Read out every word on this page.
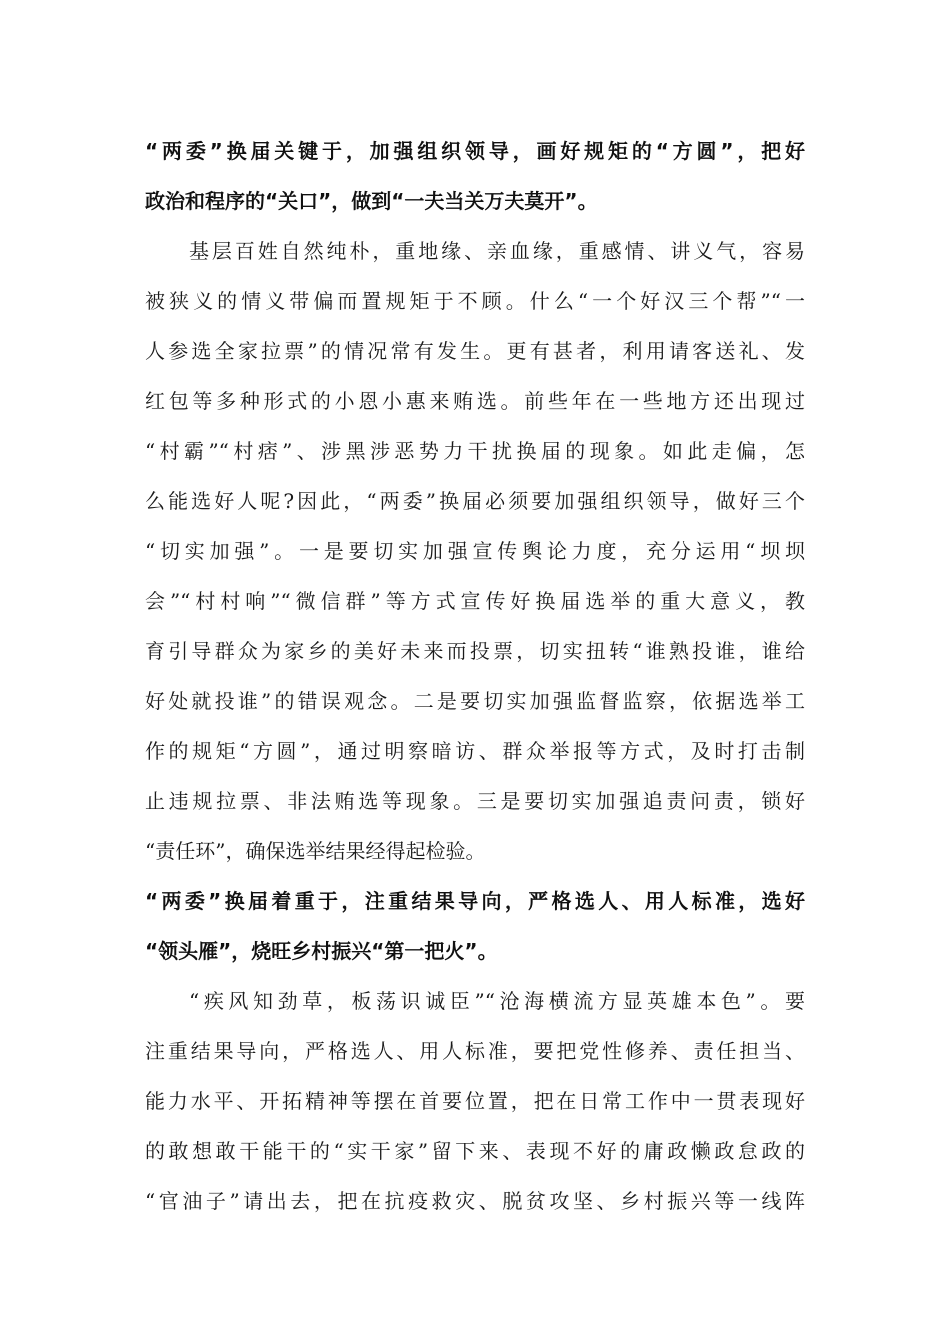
“两委”换届关键于，加强组织领导，画好规矩的“方圆”，把好
政治和程序的“关口”，做到“一夫当关万夫莫开”。
基层百姓自然纯朴，重地缘、亲血缘，重感情、讲义气，容易
被狭义的情义带偏而置规矩于不顾。什么“一个好汉三个帮”“一
人参选全家拉票”的情况常有发生。更有甚者，利用请客送礼、发
红包等多种形式的小恩小惠来贿选。前些年在一些地方还出现过
“村霸”“村痞”、涉黑涉恶势力干扰换届的现象。如此走偏，怎
么能选好人呢?因此，“两委”换届必须要加强组织领导，做好三个
“切实加强”。一是要切实加强宣传舆论力度，充分运用“坝坝
会”“村村响”“微信群”等方式宣传好换届选举的重大意义，教
育引导群众为家乡的美好未来而投票，切实扭转“谁熟投谁，谁给
好处就投谁”的错误观念。二是要切实加强监督监察，依据选举工
作的规矩“方圆”，通过明察暗访、群众举报等方式，及时打击制
止违规拉票、非法贿选等现象。三是要切实加强追责问责，锁好
“责任环”，确保选举结果经得起检验。
“两委”换届着重于，注重结果导向，严格选人、用人标准，选好
“领头雁”，烧旺乡村振兴“第一把火”。
“疾风知劲草，板荡识诚臣”“沧海横流方显英雄本色”。要
注重结果导向，严格选人、用人标准，要把党性修养、责任担当、
能力水平、开拓精神等摆在首要位置，把在日常工作中一贯表现好
的敢想敢干能干的“实干家”留下来、表现不好的庸政懒政怠政的
“官油子”请出去，把在抗疫救灾、脱贫攻坚、乡村振兴等一线阵
